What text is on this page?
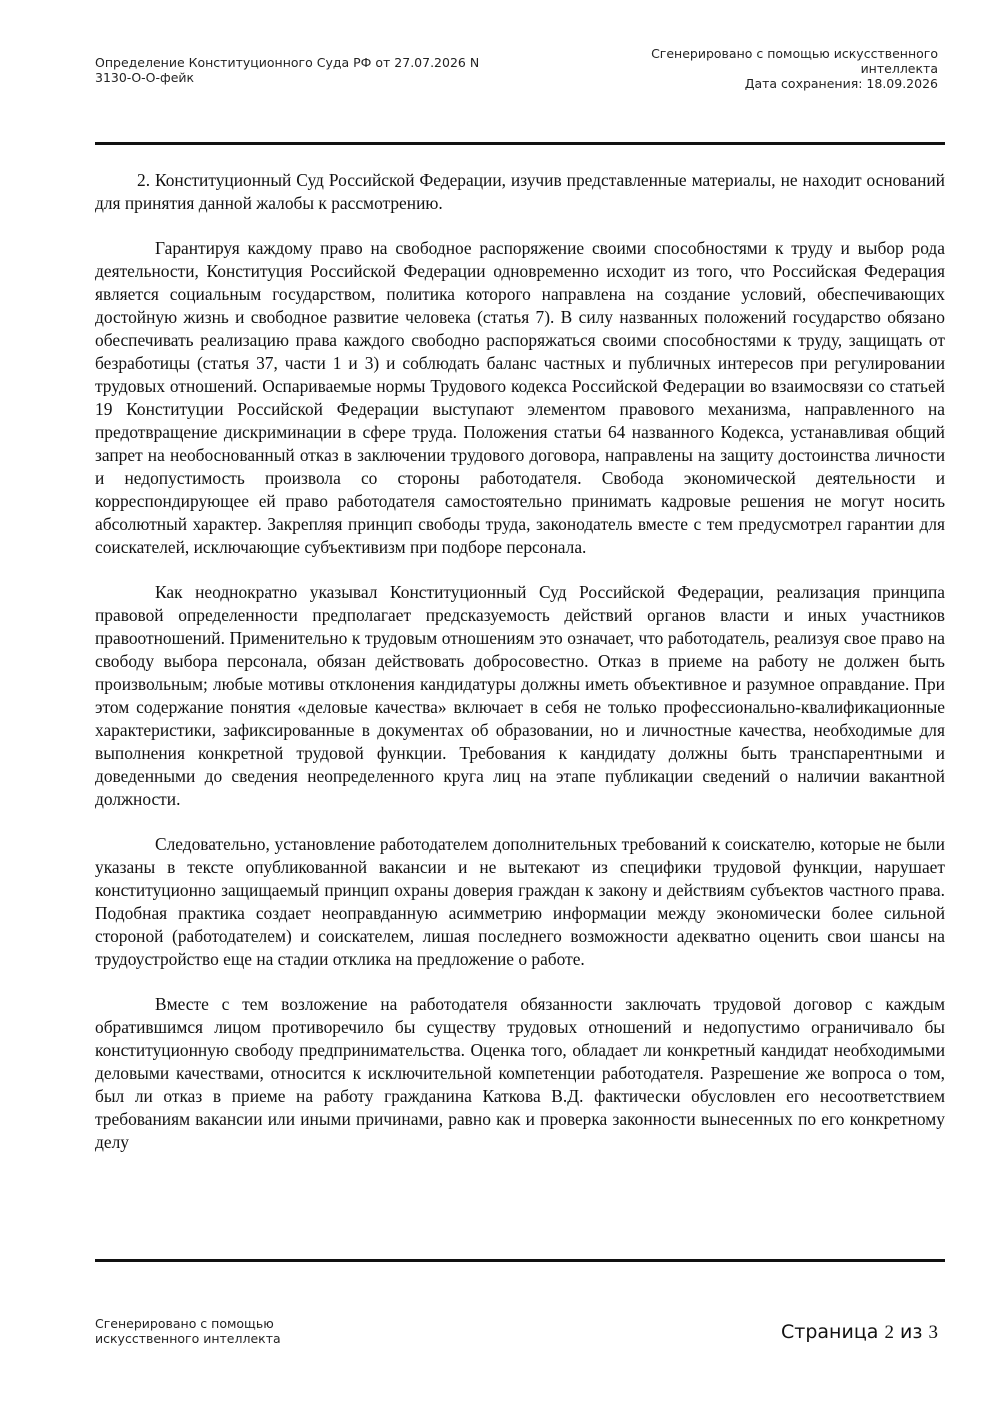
Определение Конституционного Суда РФ от 27.07.2026 N
3130-О-О-фейк
Сгенерировано с помощью искусственного
интеллекта
Дата сохранения: 18.09.2026

2. Конституционный Суд Российской Федерации, изучив представленные материалы, не находит оснований для принятия данной жалобы к рассмотрению.

Гарантируя каждому право на свободное распоряжение своими способностями к труду и выбор рода деятельности, Конституция Российской Федерации одновременно исходит из того, что Российская Федерация является социальным государством, политика которого направлена на создание условий, обеспечивающих достойную жизнь и свободное развитие человека (статья 7). В силу названных положений государство обязано обеспечивать реализацию права каждого свободно распоряжаться своими способностями к труду, защищать от безработицы (статья 37, части 1 и 3) и соблюдать баланс частных и публичных интересов при регулировании трудовых отношений. Оспариваемые нормы Трудового кодекса Российской Федерации во взаимосвязи со статьей 19 Конституции Российской Федерации выступают элементом правового механизма, направленного на предотвращение дискриминации в сфере труда. Положения статьи 64 названного Кодекса, устанавливая общий запрет на необоснованный отказ в заключении трудового договора, направлены на защиту достоинства личности и недопустимость произвола со стороны работодателя. Свобода экономической деятельности и корреспондирующее ей право работодателя самостоятельно принимать кадровые решения не могут носить абсолютный характер. Закрепляя принцип свободы труда, законодатель вместе с тем предусмотрел гарантии для соискателей, исключающие субъективизм при подборе персонала.

Как неоднократно указывал Конституционный Суд Российской Федерации, реализация принципа правовой определенности предполагает предсказуемость действий органов власти и иных участников правоотношений. Применительно к трудовым отношениям это означает, что работодатель, реализуя свое право на свободу выбора персонала, обязан действовать добросовестно. Отказ в приеме на работу не должен быть произвольным; любые мотивы отклонения кандидатуры должны иметь объективное и разумное оправдание. При этом содержание понятия «деловые качества» включает в себя не только профессионально-квалификационные характеристики, зафиксированные в документах об образовании, но и личностные качества, необходимые для выполнения конкретной трудовой функции. Требования к кандидату должны быть транспарентными и доведенными до сведения неопределенного круга лиц на этапе публикации сведений о наличии вакантной должности.

Следовательно, установление работодателем дополнительных требований к соискателю, которые не были указаны в тексте опубликованной вакансии и не вытекают из специфики трудовой функции, нарушает конституционно защищаемый принцип охраны доверия граждан к закону и действиям субъектов частного права. Подобная практика создает неоправданную асимметрию информации между экономически более сильной стороной (работодателем) и соискателем, лишая последнего возможности адекватно оценить свои шансы на трудоустройство еще на стадии отклика на предложение о работе.

Вместе с тем возложение на работодателя обязанности заключать трудовой договор с каждым обратившимся лицом противоречило бы существу трудовых отношений и недопустимо ограничивало бы конституционную свободу предпринимательства. Оценка того, обладает ли конкретный кандидат необходимыми деловыми качествами, относится к исключительной компетенции работодателя. Разрешение же вопроса о том, был ли отказ в приеме на работу гражданина Каткова В.Д. фактически обусловлен его несоответствием требованиям вакансии или иными причинами, равно как и проверка законности вынесенных по его конкретному делу

Сгенерировано с помощью
искусственного интеллекта	Страница 2 из 3
